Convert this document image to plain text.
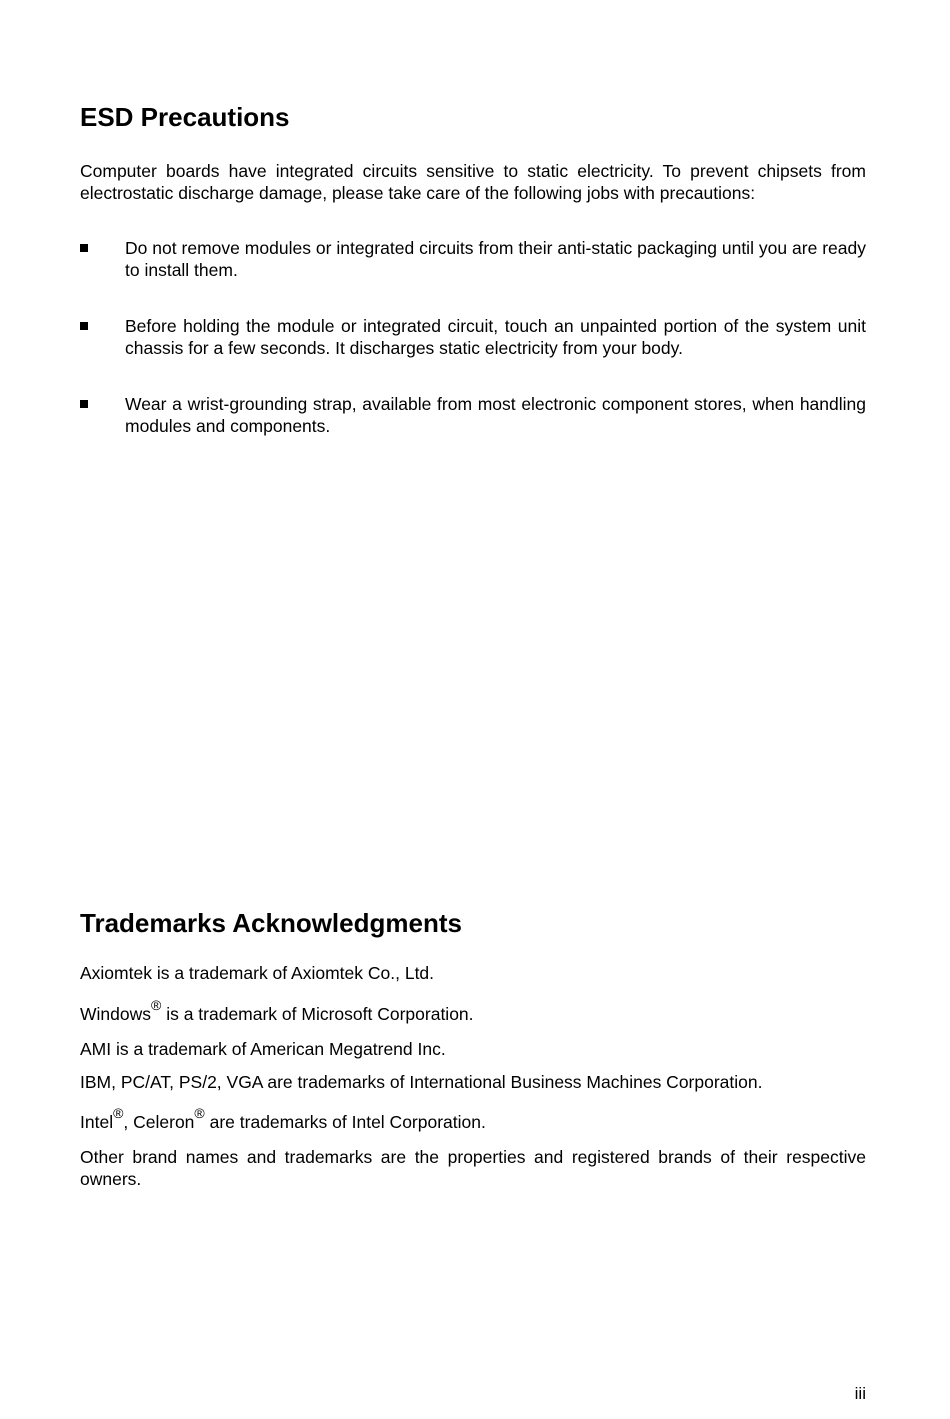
ESD Precautions

Computer boards have integrated circuits sensitive to static electricity. To prevent chipsets from electrostatic discharge damage, please take care of the following jobs with precautions:

Do not remove modules or integrated circuits from their anti-static packaging until you are ready to install them.

Before holding the module or integrated circuit, touch an unpainted portion of the system unit chassis for a few seconds. It discharges static electricity from your body.

Wear a wrist-grounding strap, available from most electronic component stores, when handling modules and components.

Trademarks Acknowledgments

Axiomtek is a trademark of Axiomtek Co., Ltd.

Windows® is a trademark of Microsoft Corporation.

AMI is a trademark of American Megatrend Inc.

IBM, PC/AT, PS/2, VGA are trademarks of International Business Machines Corporation.

Intel®, Celeron® are trademarks of Intel Corporation.

Other brand names and trademarks are the properties and registered brands of their respective owners.

iii
